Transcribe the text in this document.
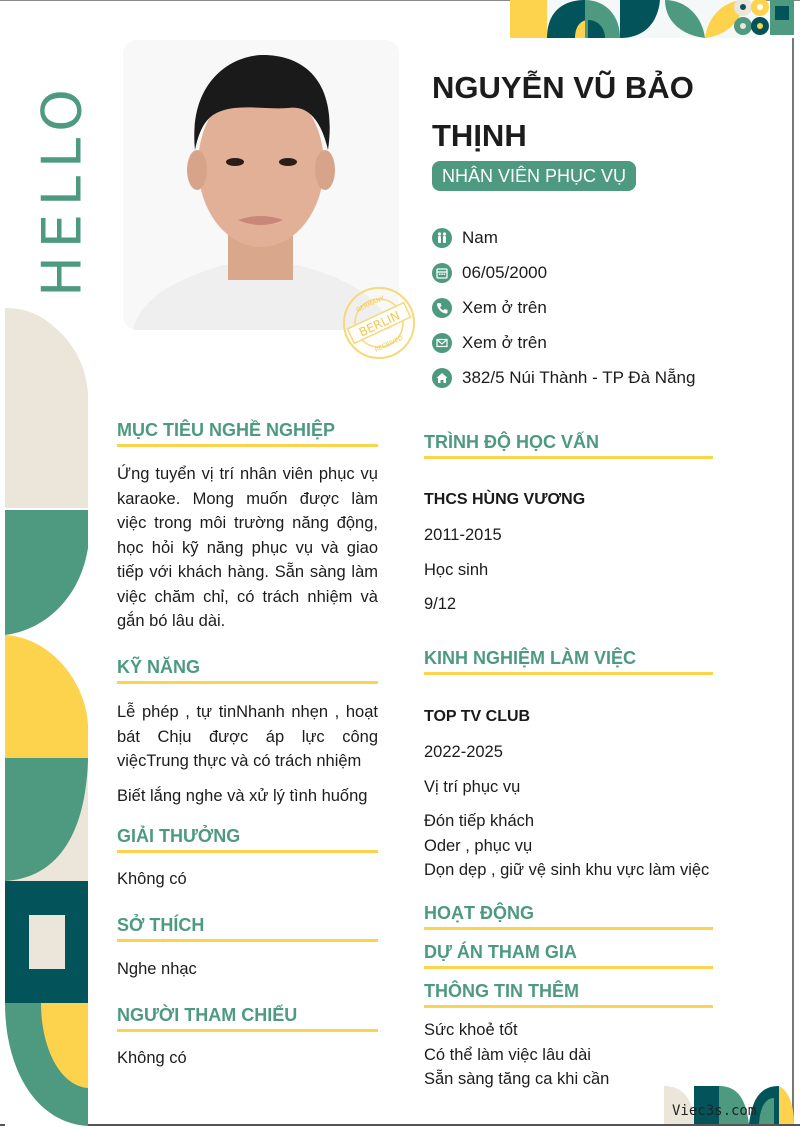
HELLO
BERLIN
GERMANY
RECEIVED
NGUYỄN VŨ BẢO THỊNH
NHÂN VIÊN PHỤC VỤ
Nam
06/05/2000
Xem ở trên
Xem ở trên
382/5 Núi Thành - TP Đà Nẵng
MỤC TIÊU NGHỀ NGHIỆP
Ứng tuyển vị trí nhân viên phục vụ karaoke. Mong muốn được làm việc trong môi trường năng động, học hỏi kỹ năng phục vụ và giao tiếp với khách hàng. Sẵn sàng làm việc chăm chỉ, có trách nhiệm và gắn bó lâu dài.
KỸ NĂNG
Lễ phép , tự tinNhanh nhẹn , hoạt bát Chịu được áp lực công việcTrung thực và có trách nhiệm
Biết lắng nghe và xử lý tình huống
GIẢI THƯỞNG
Không có
SỞ THÍCH
Nghe nhạc
NGƯỜI THAM CHIẾU
Không có
TRÌNH ĐỘ HỌC VẤN
THCS HÙNG VƯƠNG
2011-2015
Học sinh
9/12
KINH NGHIỆM LÀM VIỆC
TOP TV CLUB
2022-2025
Vị trí phục vụ
Đón tiếp khách
Oder , phục vụ
Dọn dẹp , giữ vệ sinh khu vực làm việc
HOẠT ĐỘNG
DỰ ÁN THAM GIA
THÔNG TIN THÊM
Sức khoẻ tốt
Có thể làm việc lâu dài
Sẵn sàng tăng ca khi cần
Viec3s.com
